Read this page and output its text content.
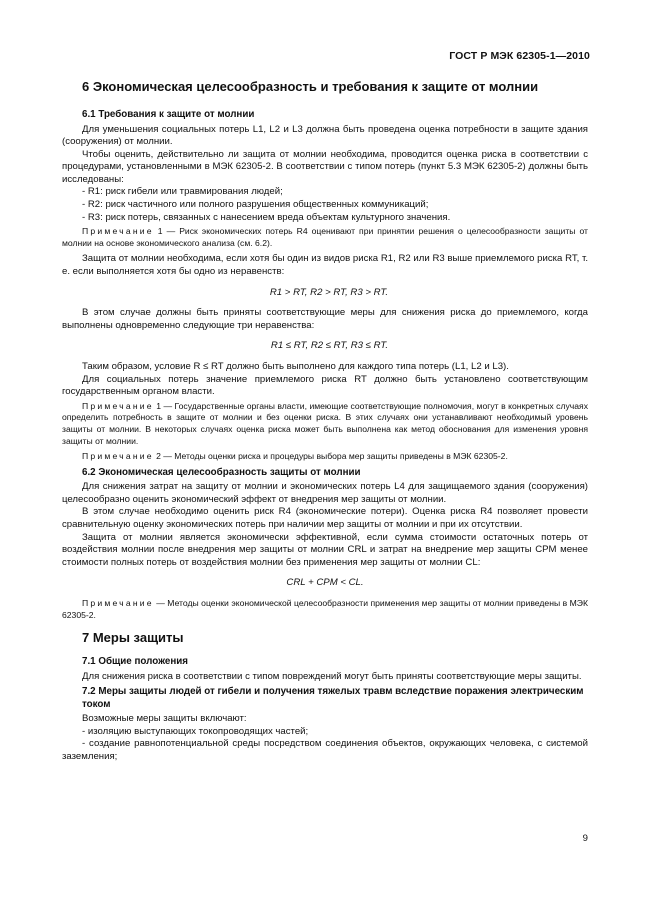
ГОСТ Р МЭК 62305-1—2010
6 Экономическая целесообразность и требования к защите от молнии
6.1 Требования к защите от молнии

Для уменьшения социальных потерь L1, L2 и L3 должна быть проведена оценка потребности в защите здания (сооружения) от молнии.

Чтобы оценить, действительно ли защита от молнии необходима, проводится оценка риска в соответствии с процедурами, установленными в МЭК 62305-2. В соответствии с типом потерь (пункт 5.3 МЭК 62305-2) должны быть исследованы:

- R1: риск гибели или травмирования людей;

- R2: риск частичного или полного разрушения общественных коммуникаций;

- R3: риск потерь, связанных с нанесением вреда объектам культурного значения.

Примечание 1 — Риск экономических потерь R4 оценивают при принятии решения о целесообразности защиты от молнии на основе экономического анализа (см. 6.2).

Защита от молнии необходима, если хотя бы один из видов риска R1, R2 или R3 выше приемлемого риска RT, т. е. если выполняется хотя бы одно из неравенств:

R1 > RT, R2 > RT, R3 > RT.

В этом случае должны быть приняты соответствующие меры для снижения риска до приемлемого, когда выполнены одновременно следующие три неравенства:

R1 ≤ RT, R2 ≤ RT, R3 ≤ RT.

Таким образом, условие R ≤ RT должно быть выполнено для каждого типа потерь (L1, L2 и L3).

Для социальных потерь значение приемлемого риска RT должно быть установлено соответствующим государственным органом власти.

Примечание 1 — Государственные органы власти, имеющие соответствующие полномочия, могут в конкретных случаях определить потребность в защите от молнии и без оценки риска. В этих случаях они устанавливают необходимый уровень защиты от молнии. В некоторых случаях оценка риска может быть выполнена как метод обоснования для изменения уровня защиты от молнии.

Примечание 2 — Методы оценки риска и процедуры выбора мер защиты приведены в МЭК 62305-2.

6.2 Экономическая целесообразность защиты от молнии

Для снижения затрат на защиту от молнии и экономических потерь L4 для защищаемого здания (сооружения) целесообразно оценить экономический эффект от внедрения мер защиты от молнии.

В этом случае необходимо оценить риск R4 (экономические потери). Оценка риска R4 позволяет провести сравнительную оценку экономических потерь при наличии мер защиты от молнии и при их отсутствии.

Защита от молнии является экономически эффективной, если сумма стоимости остаточных потерь от воздействия молнии после внедрения мер защиты от молнии CRL и затрат на внедрение мер защиты CPM менее стоимости полных потерь от воздействия молнии без применения мер защиты от молнии CL:

CRL + CPM < CL.

Примечание — Методы оценки экономической целесообразности применения мер защиты от молнии приведены в МЭК 62305-2.

7 Меры защиты
7.1 Общие положения

Для снижения риска в соответствии с типом повреждений могут быть приняты соответствующие меры защиты.

7.2 Меры защиты людей от гибели и получения тяжелых травм вследствие поражения электрическим током

Возможные меры защиты включают:

- изоляцию выступающих токопроводящих частей;

- создание равнопотенциальной среды посредством соединения объектов, окружающих человека, с системой заземления;

9
